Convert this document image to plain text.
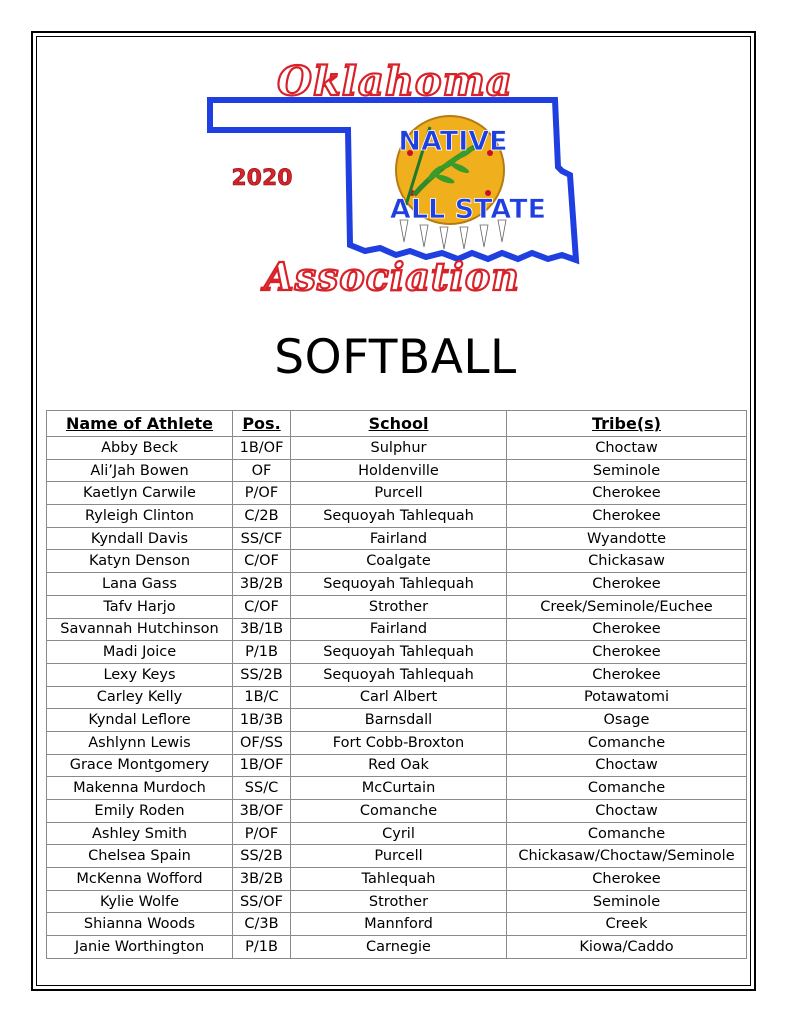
Oklahoma
2020
NATIVE
ALL STATE
Association
SOFTBALL
Name of Athlete	Pos.	School	Tribe(s)
Abby Beck	1B/OF	Sulphur	Choctaw
Ali’Jah Bowen	OF	Holdenville	Seminole
Kaetlyn Carwile	P/OF	Purcell	Cherokee
Ryleigh Clinton	C/2B	Sequoyah Tahlequah	Cherokee
Kyndall Davis	SS/CF	Fairland	Wyandotte
Katyn Denson	C/OF	Coalgate	Chickasaw
Lana Gass	3B/2B	Sequoyah Tahlequah	Cherokee
Tafv Harjo	C/OF	Strother	Creek/Seminole/Euchee
Savannah Hutchinson	3B/1B	Fairland	Cherokee
Madi Joice	P/1B	Sequoyah Tahlequah	Cherokee
Lexy Keys	SS/2B	Sequoyah Tahlequah	Cherokee
Carley Kelly	1B/C	Carl Albert	Potawatomi
Kyndal Leflore	1B/3B	Barnsdall	Osage
Ashlynn Lewis	OF/SS	Fort Cobb-Broxton	Comanche
Grace Montgomery	1B/OF	Red Oak	Choctaw
Makenna Murdoch	SS/C	McCurtain	Comanche
Emily Roden	3B/OF	Comanche	Choctaw
Ashley Smith	P/OF	Cyril	Comanche
Chelsea Spain	SS/2B	Purcell	Chickasaw/Choctaw/Seminole
McKenna Wofford	3B/2B	Tahlequah	Cherokee
Kylie Wolfe	SS/OF	Strother	Seminole
Shianna Woods	C/3B	Mannford	Creek
Janie Worthington	P/1B	Carnegie	Kiowa/Caddo
